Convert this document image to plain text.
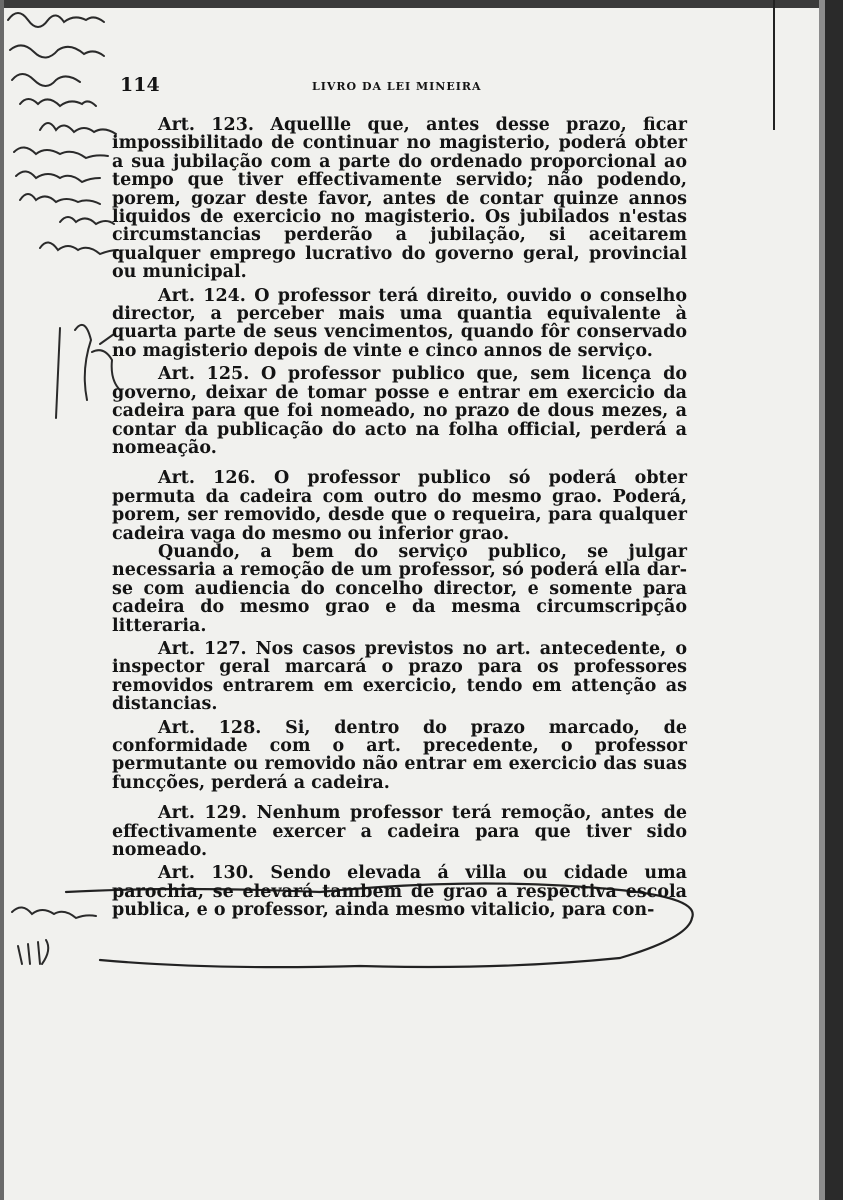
114	LIVRO DA LEI MINEIRA

Art. 123. Aquellle que, antes desse prazo, ficar impossibilitado de continuar no magisterio, poderá obter a sua jubilação com a parte do ordenado proporcional ao tempo que tiver effectivamente servido; não podendo, porem, gozar deste favor, antes de contar quinze annos liquidos de exercicio no magisterio. Os jubilados n'estas circumstancias perderão a jubilação, si aceitarem qualquer emprego lucrativo do governo geral, provincial ou municipal.

Art. 124. O professor terá direito, ouvido o conselho director, a perceber mais uma quantia equivalente à quarta parte de seus vencimentos, quando fôr conservado no magisterio depois de vinte e cinco annos de serviço.

Art. 125. O professor publico que, sem licença do governo, deixar de tomar posse e entrar em exercicio da cadeira para que foi nomeado, no prazo de dous mezes, a contar da publicação do acto na folha official, perderá a nomeação.

Art. 126. O professor publico só poderá obter permuta da cadeira com outro do mesmo grao. Poderá, porem, ser removido, desde que o requeira, para qualquer cadeira vaga do mesmo ou inferior grao.

Quando, a bem do serviço publico, se julgar necessaria a remoção de um professor, só poderá ella dar-se com audiencia do concelho director, e somente para cadeira do mesmo grao e da mesma circumscripção litteraria.

Art. 127. Nos casos previstos no art. antecedente, o inspector geral marcará o prazo para os professores removidos entrarem em exercicio, tendo em attenção as distancias.

Art. 128. Si, dentro do prazo marcado, de conformidade com o art. precedente, o professor permutante ou removido não entrar em exercicio das suas funcções, perderá a cadeira.

Art. 129. Nenhum professor terá remoção, antes de effectivamente exercer a cadeira para que tiver sido nomeado.

Art. 130. Sendo elevada á villa ou cidade uma parochia, se elevará tambem de grao a respectiva escola publica, e o professor, ainda mesmo vitalicio, para con-
